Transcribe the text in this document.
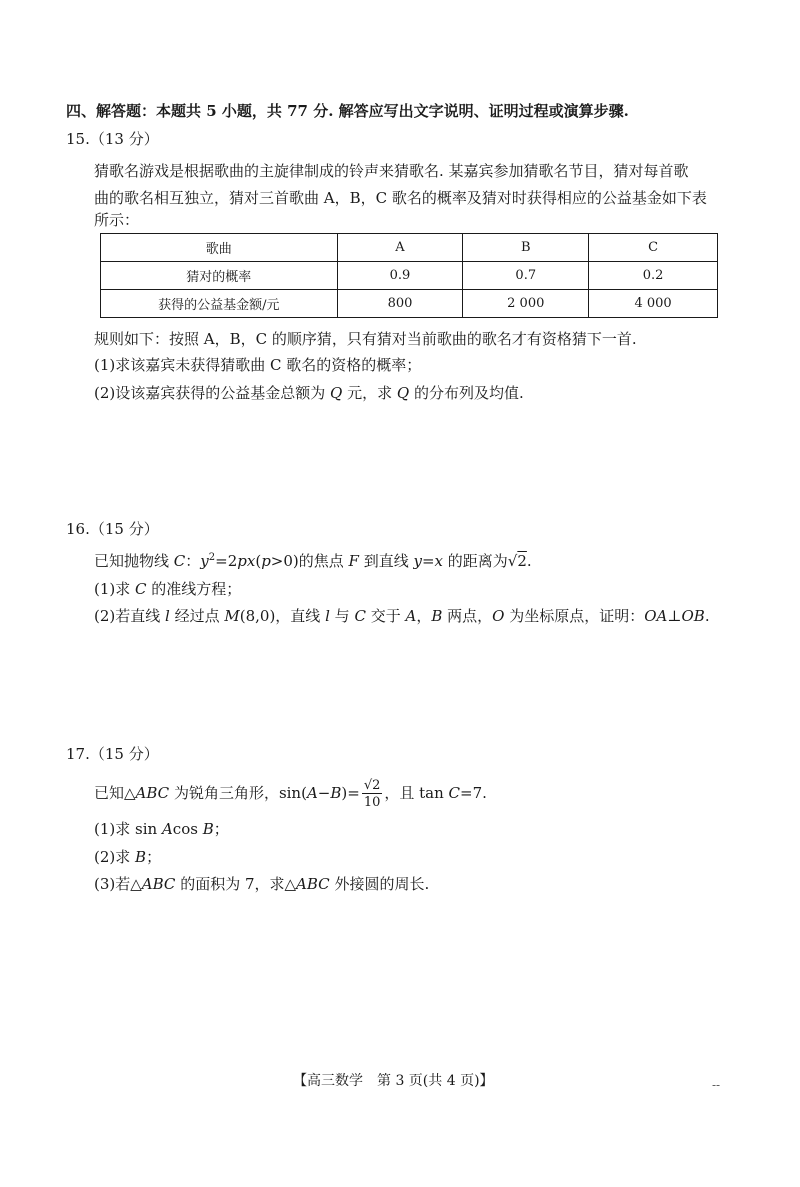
四、解答题：本题共 5 小题，共 77 分. 解答应写出文字说明、证明过程或演算步骤.
15.（13 分）
猜歌名游戏是根据歌曲的主旋律制成的铃声来猜歌名. 某嘉宾参加猜歌名节目，猜对每首歌
曲的歌名相互独立，猜对三首歌曲 A，B，C 歌名的概率及猜对时获得相应的公益基金如下表
所示：
歌曲	A	B	C
猜对的概率	0.9	0.7	0.2
获得的公益基金额/元	800	2 000	4 000
规则如下：按照 A，B，C 的顺序猜，只有猜对当前歌曲的歌名才有资格猜下一首.
(1)求该嘉宾未获得猜歌曲 C 歌名的资格的概率；
(2)设该嘉宾获得的公益基金总额为 Q 元，求 Q 的分布列及均值.
16.（15 分）
已知抛物线 C：$y^2=2px(p>0)$的焦点 F 到直线 y=x 的距离为√2.
(1)求 C 的准线方程；
(2)若直线 l 经过点 M(8,0)，直线 l 与 C 交于 A，B 两点，O 为坐标原点，证明：OA⊥OB.
17.（15 分）
已知△ABC 为锐角三角形，$\sin(A-B)= \frac{√2}{10}$ ，且 tan C=7.
(1)求 sin Acos B；
(2)求 B；
(3)若△ABC 的面积为 7，求△ABC 外接圆的周长.
【高三数学　第 3 页(共 4 页)】	--
